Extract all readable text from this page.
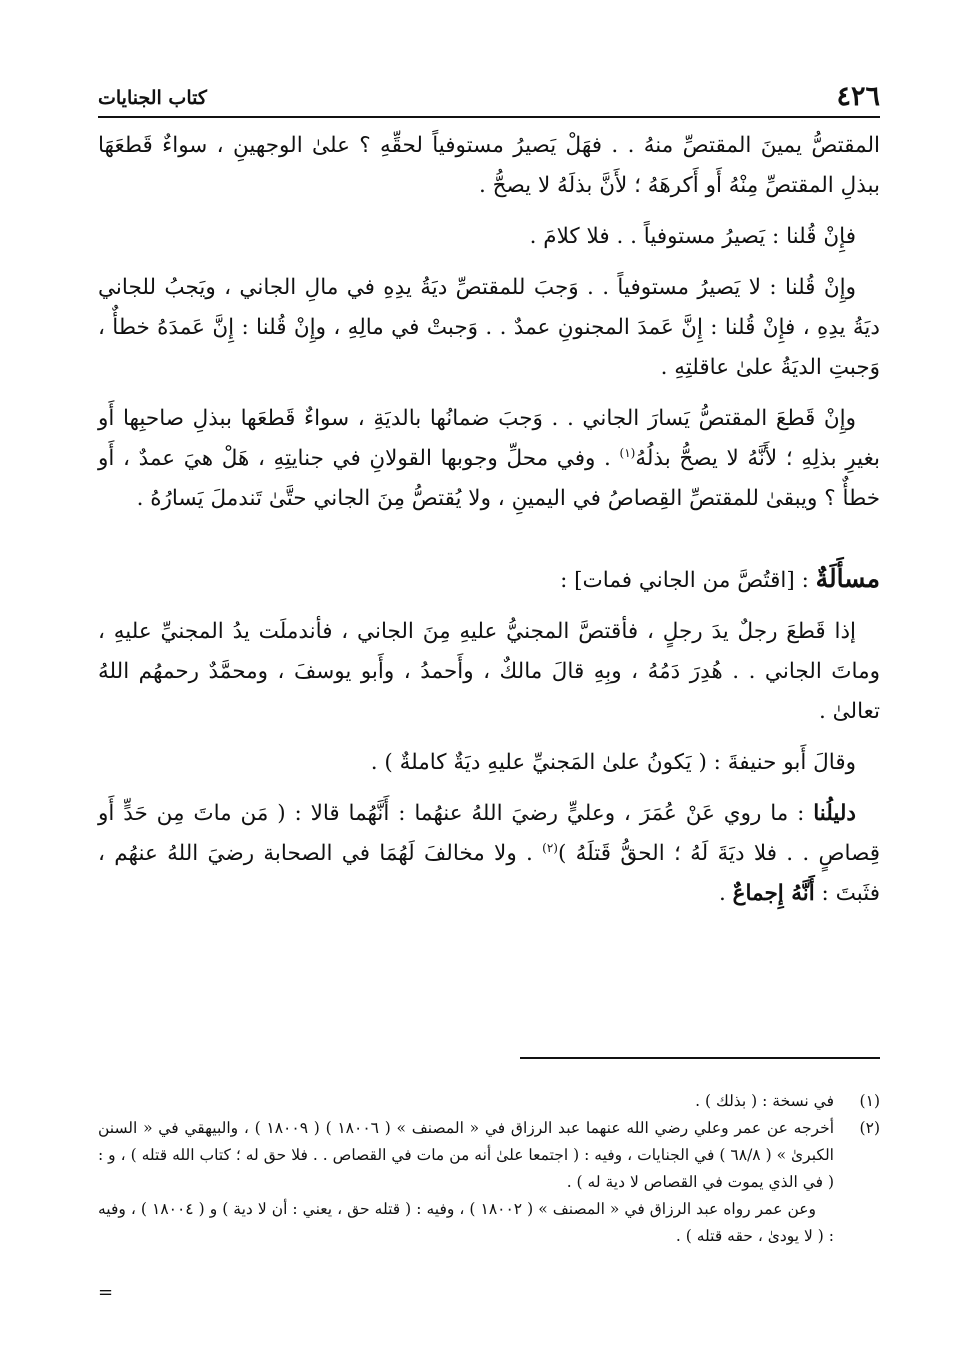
٤٢٦
كتاب الجنايات

المقتصُّ يمينَ المقتصِّ منهُ . . فهَلْ يَصيرُ مستوفياً لحقِّهِ ؟ علىٰ الوجهينِ ، سواءٌ قَطعَهَا ببذلِ المقتصِّ مِنْهُ أَو أَكرهَهُ ؛ لأَنَّ بذلَهُ لا يصحُّ .

فإِنْ قُلنا : يَصيرُ مستوفياً . . فلا كلامَ .

وإِنْ قُلنا : لا يَصيرُ مستوفياً . . وَجبَ للمقتصِّ ديَةُ يدِهِ في مالِ الجاني ، ويَجبُ للجاني ديَةُ يدِهِ ، فإِنْ قُلنا : إِنَّ عَمدَ المجنونِ عمدٌ . . وَجبتْ في مالِهِ ، وإِنْ قُلنا : إِنَّ عَمدَهُ خطأٌ ، وَجبتِ الديَةُ علىٰ عاقلتِهِ .

وإِنْ قَطعَ المقتصُّ يَسارَ الجاني . . وَجبَ ضمانُها بالديَةِ ، سواءٌ قَطعَها ببذلِ صاحبِها أَو بغيرِ بذلِهِ ؛ لأَنَّهُ لا يصحُّ بذلُهُ$^{(١)}$ . وفي محلِّ وجوبها القولانِ في جنايتِهِ ، هَلْ هيَ عمدٌ ، أَو خطأٌ ؟ ويبقىٰ للمقتصِّ القِصاصُ في اليمينِ ، ولا يُقتصُّ مِنَ الجاني حتَّىٰ تَندملَ يَسارُهُ .

مسأَلَةٌ : [اقتُصَّ من الجاني فمات] :

إذا قَطعَ رجلٌ يدَ رجلٍ ، فأقتصَّ المجنيُّ عليهِ مِنَ الجاني ، فأندملَت يدُ المجنيِّ عليهِ ، وماتَ الجاني . . هُدِرَ دَمُهُ ، وبِهِ قالَ مالكٌ ، وأَحمدُ ، وأَبو يوسفَ ، ومحمَّدٌ رحمهُم اللهُ تعالىٰ .

وقالَ أَبو حنيفةَ : ( يَكونُ علىٰ المَجنيِّ عليهِ ديَةٌ كاملةٌ ) .

دليلُنا : ما روي عَنْ عُمَرَ ، وعليٍّ رضيَ اللهُ عنهُما : أَنَّهُما قالا : ( مَن ماتَ مِن حَدٍّ أَو قِصاصٍ . . فلا ديَةَ لَهُ ؛ الحقُّ قَتلَهُ )$^{(٢)}$ . ولا مخالفَ لَهُمَا في الصحابة رضيَ اللهُ عنهُم ، فثَبتَ : أَنَّهُ إِجماعٌ .

(١)

في نسخة : ( بذلك ) .

(٢)

أخرجه عن عمر وعلي رضي الله عنهما عبد الرزاق في « المصنف » ( ١٨٠٠٦ ) ( ١٨٠٠٩ ) ، والبيهقي في « السنن الكبرىٰ » ( ٦٨/٨ ) في الجنايات ، وفيه : ( اجتمعا علىٰ أنه من مات في القصاص . . فلا حق له ؛ كتاب الله قتله ) ، و : ( في الذي يموت في القصاص لا دية له ) .

وعن عمر رواه عبد الرزاق في « المصنف » ( ١٨٠٠٢ ) ، وفيه : ( قتله حق ، يعني : أن لا دية ) و ( ١٨٠٠٤ ) ، وفيه : ( لا يودىٰ ، حقه قتله ) .

=
